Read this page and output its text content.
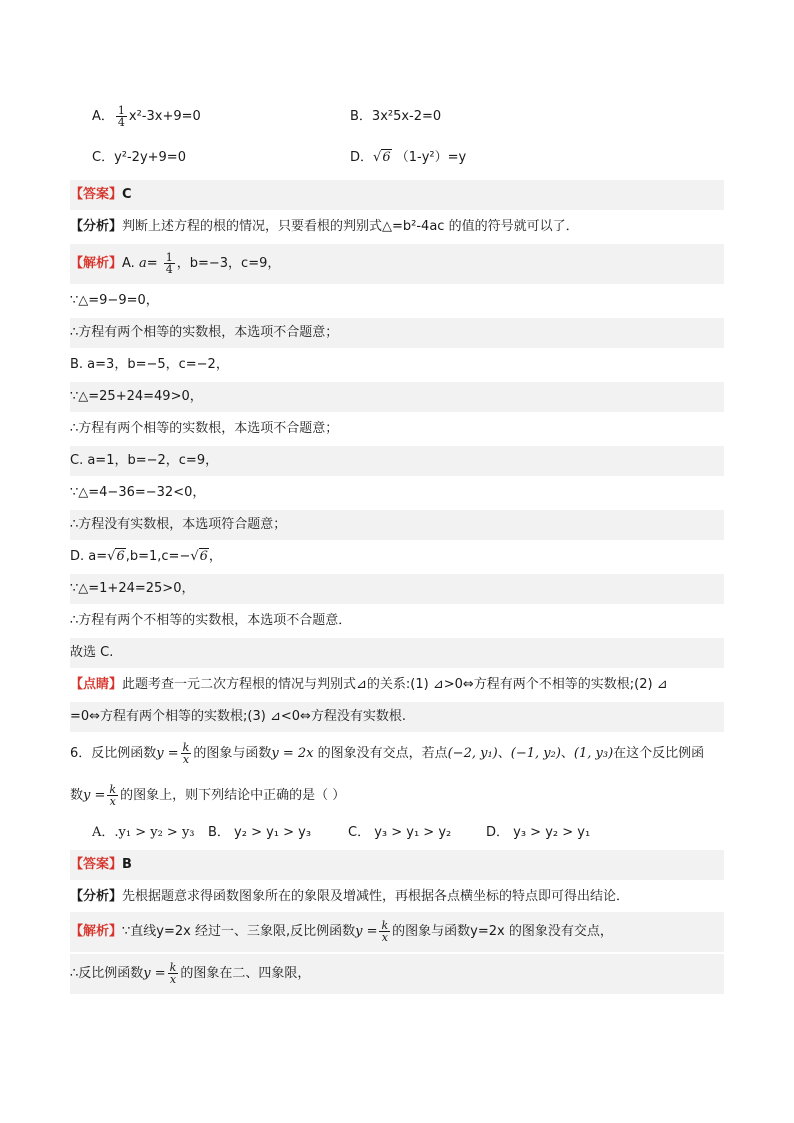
A． $\frac{1}{4} x^2-3x+9=0$	B．3x²5x-2=0
C．y²-2y+9=0	D．√6 （1-y²）=y
【答案】C
【分析】判断上述方程的根的情况，只要看根的判别式△=b²-4ac 的值的符号就可以了．
【解析】A. $a= \frac{1}{4}$ ，b=−3，c=9，
∵△=9−9=0，
∴方程有两个相等的实数根，本选项不合题意；
B. a=3，b=−5，c=−2，
∵△=25+24=49>0，
∴方程有两个相等的实数根，本选项不合题意；
C. a=1，b=−2，c=9，
∵△=4−36=−32<0，
∴方程没有实数根，本选项符合题意；
D. a=√6,b=1,c=−√6，
∵△=1+24=25>0，
∴方程有两个不相等的实数根，本选项不合题意．
故选 C.
【点睛】此题考查一元二次方程根的情况与判别式⊿的关系:(1) ⊿>0⇔方程有两个不相等的实数根;(2) ⊿
=0⇔方程有两个相等的实数根;(3) ⊿<0⇔方程没有实数根.
6．反比例函数$y = \frac{k}{x}$ 的图象与函数y = 2x 的图象没有交点，若点(−2, y₁)、(−1, y₂)、(1, y₃)在这个反比例函
数$y = \frac{k}{x}$ 的图象上，则下列结论中正确的是（ ）
A．.y₁ > y₂ > y₃ B． y₂ > y₁ > y₃	C． y₃ > y₁ > y₂	D． y₃ > y₂ > y₁
【答案】B
【分析】先根据题意求得函数图象所在的象限及增减性，再根据各点横坐标的特点即可得出结论．
【解析】∵直线y=2x 经过一、三象限,反比例函数$y = \frac{k}{x}$ 的图象与函数y=2x 的图象没有交点，
∴反比例函数$y = \frac{k}{x}$ 的图象在二、四象限，
